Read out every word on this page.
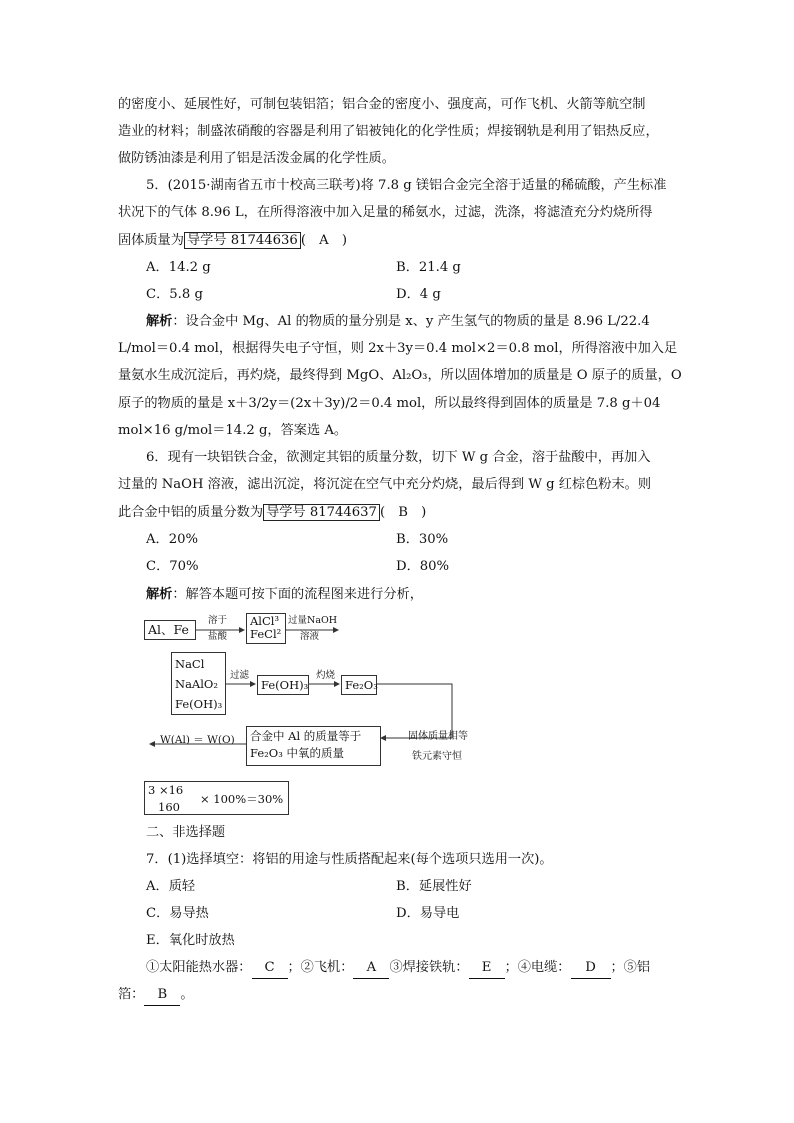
的密度小、延展性好，可制包装铝箔；铝合金的密度小、强度高，可作飞机、火箭等航空制
造业的材料；制盛浓硝酸的容器是利用了铝被钝化的化学性质；焊接钢轨是利用了铝热反应，
做防锈油漆是利用了铝是活泼金属的化学性质。
5．(2015·湖南省五市十校高三联考)将 7.8 g 镁铝合金完全溶于适量的稀硫酸，产生标准
状况下的气体 8.96 L，在所得溶液中加入足量的稀氨水，过滤，洗涤，将滤渣充分灼烧所得
固体质量为 导学号 81744636 (　A　)
A．14.2 g	B．21.4 g
C．5.8 g	D．4 g
解析：设合金中 Mg、Al 的物质的量分别是 x、y 产生氢气的物质的量是 8.96 L/22.4
L/mol＝0.4 mol，根据得失电子守恒，则 2x＋3y＝0.4 mol×2＝0.8 mol，所得溶液中加入足
量氨水生成沉淀后，再灼烧，最终得到 MgO、Al₂O₃，所以固体增加的质量是 O 原子的质量，O
原子的物质的量是 x＋3/2y＝(2x＋3y)/2＝0.4 mol，所以最终得到固体的质量是 7.8 g＋04
mol×16 g/mol＝14.2 g，答案选 A。
6．现有一块铝铁合金，欲测定其铝的质量分数，切下 W g 合金，溶于盐酸中，再加入
过量的 NaOH 溶液，滤出沉淀，将沉淀在空气中充分灼烧，最后得到 W g 红棕色粉末。则
此合金中铝的质量分数为 导学号 81744637 (　B　)
A．20%	B．30%
C．70%	D．80%
解析：解答本题可按下面的流程图来进行分析，
Al、Fe
溶于
盐酸
AlCl³
FeCl²
过量NaOH
溶液
NaCl
NaAlO₂
Fe(OH)₃
过滤
Fe(OH)₃
灼烧
Fe₂O₃
固体质量相等
铁元素守恒
合金中 Al 的质量等于
Fe₂O₃ 中氧的质量
W(Al) ＝ W(O)
3 ×16
160
× 100%＝30%
二、非选择题
7．(1)选择填空：将铝的用途与性质搭配起来(每个选项只选用一次)。
A．质轻	B．延展性好
C．易导热	D．易导电
E．氧化时放热
①太阳能热水器： C ；②飞机： A ③焊接铁轨： E ；④电缆： D ；⑤铝
箔： B 。
